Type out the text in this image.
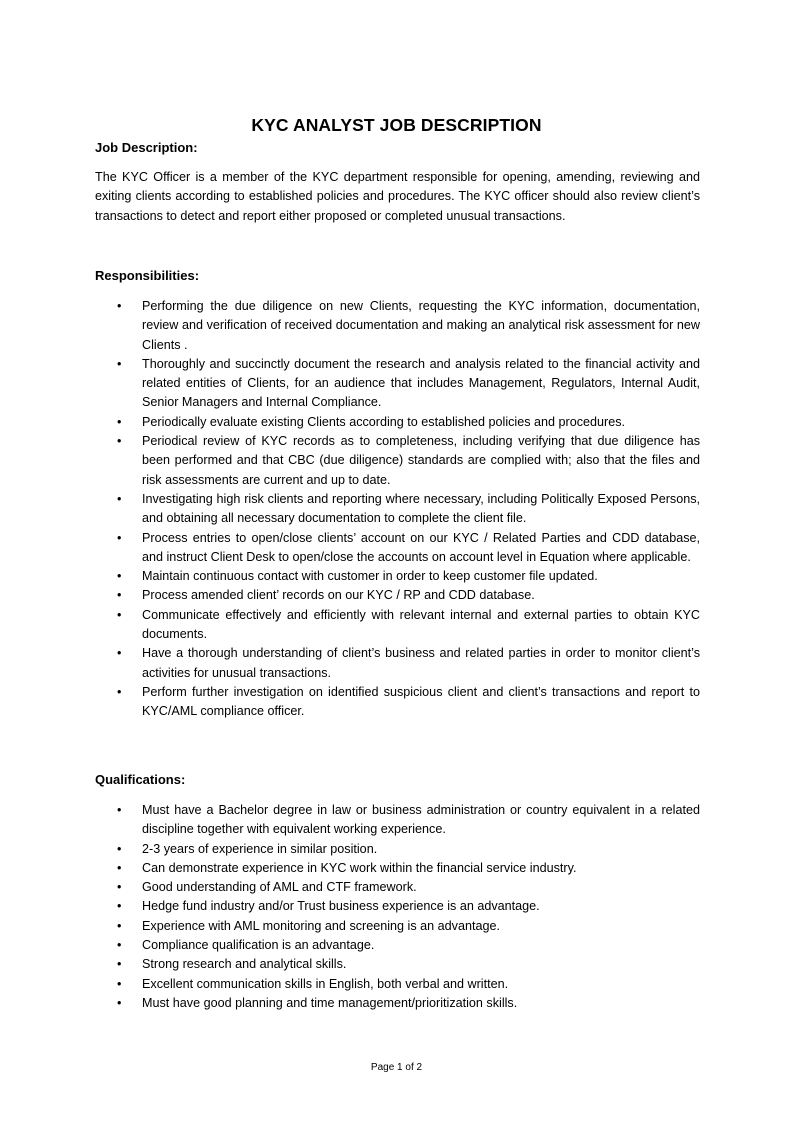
KYC ANALYST JOB DESCRIPTION
Job Description:
The KYC Officer is a member of the KYC department responsible for opening, amending, reviewing and exiting clients according to established policies and procedures. The KYC officer should also review client’s transactions to detect and report either proposed or completed unusual transactions.
Responsibilities:
• Performing the due diligence on new Clients, requesting the KYC information, documentation, review and verification of received documentation and making an analytical risk assessment for new Clients .
• Thoroughly and succinctly document the research and analysis related to the financial activity and related entities of Clients, for an audience that includes Management, Regulators, Internal Audit, Senior Managers and Internal Compliance.
• Periodically evaluate existing Clients according to established policies and procedures.
• Periodical review of KYC records as to completeness, including verifying that due diligence has been performed and that CBC (due diligence) standards are complied with; also that the files and risk assessments are current and up to date.
• Investigating high risk clients and reporting where necessary, including Politically Exposed Persons, and obtaining all necessary documentation to complete the client file.
• Process entries to open/close clients’ account on our KYC / Related Parties and CDD database, and instruct Client Desk to open/close the accounts on account level in Equation where applicable.
• Maintain continuous contact with customer in order to keep customer file updated.
• Process amended client’ records on our KYC / RP and CDD database.
• Communicate effectively and efficiently with relevant internal and external parties to obtain KYC documents.
• Have a thorough understanding of client’s business and related parties in order to monitor client’s activities for unusual transactions.
• Perform further investigation on identified suspicious client and client’s transactions and report to KYC/AML compliance officer.
Qualifications:
• Must have a Bachelor degree in law or business administration or country equivalent in a related discipline together with equivalent working experience.
• 2-3 years of experience in similar position.
• Can demonstrate experience in KYC work within the financial service industry.
• Good understanding of AML and CTF framework.
• Hedge fund industry and/or Trust business experience is an advantage.
• Experience with AML monitoring and screening is an advantage.
• Compliance qualification is an advantage.
• Strong research and analytical skills.
• Excellent communication skills in English, both verbal and written.
• Must have good planning and time management/prioritization skills.
Page 1 of 2
